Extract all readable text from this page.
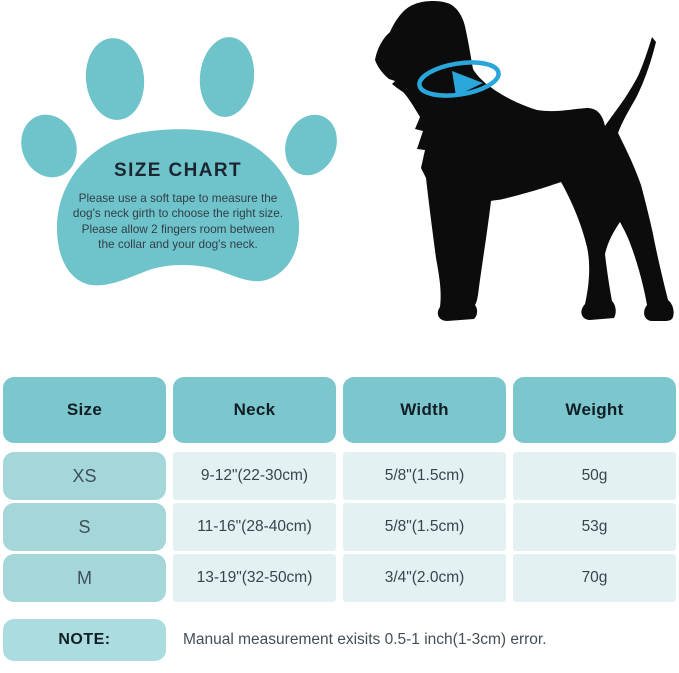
SIZE CHART
Please use a soft tape to measure the
dog's neck girth to choose the right size.
Please allow 2 fingers room between
the collar and your dog's neck.
Size	Neck	Width	Weight
XS	9-12"(22-30cm)	5/8"(1.5cm)	50g
S	11-16"(28-40cm)	5/8"(1.5cm)	53g
M	13-19"(32-50cm)	3/4"(2.0cm)	70g
NOTE:	Manual measurement exisits 0.5-1 inch(1-3cm) error.
